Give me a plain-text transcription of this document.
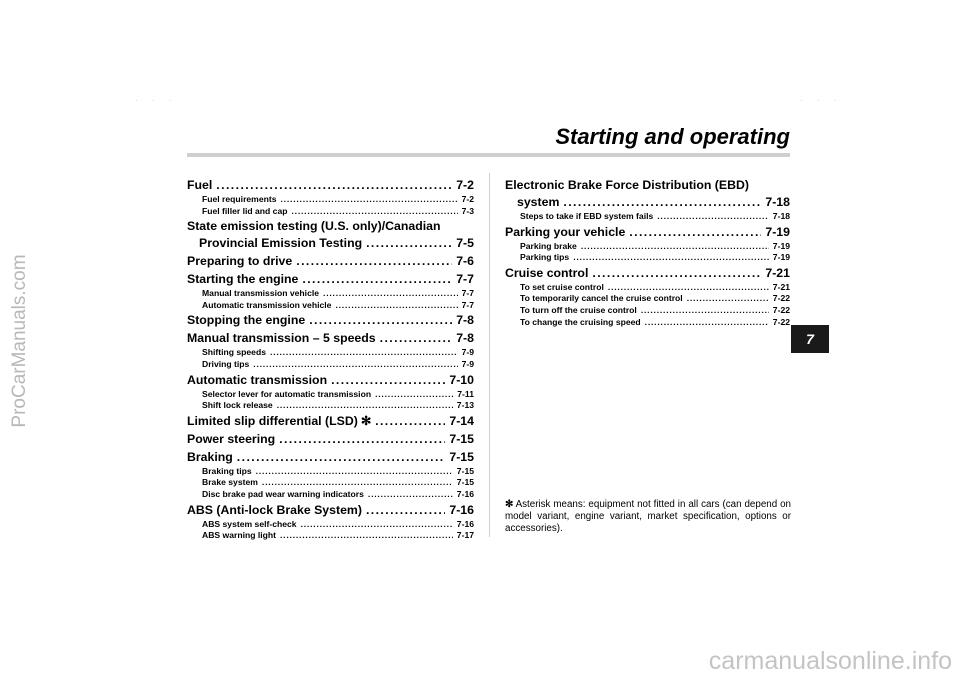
ProCarManuals.com
carmanualsonline.info
· · ·	· · ·
Starting and operating
7
Fuel . . .	7-2
Fuel requirements . . .	7-2
Fuel filler lid and cap . . .	7-3
State emission testing (U.S. only)/Canadian
Provincial Emission Testing . . .	7-5
Preparing to drive . . .	7-6
Starting the engine . . .	7-7
Manual transmission vehicle . . .	7-7
Automatic transmission vehicle . . .	7-7
Stopping the engine . . .	7-8
Manual transmission – 5 speeds . . .	7-8
Shifting speeds . . .	7-9
Driving tips . . .	7-9
Automatic transmission . . .	7-10
Selector lever for automatic transmission . . .	7-11
Shift lock release . . .	7-13
Limited slip differential (LSD) ✻ . . .	7-14
Power steering . . .	7-15
Braking . . .	7-15
Braking tips . . .	7-15
Brake system . . .	7-15
Disc brake pad wear warning indicators . . .	7-16
ABS (Anti-lock Brake System) . . .	7-16
ABS system self-check . . .	7-16
ABS warning light . . .	7-17
Electronic Brake Force Distribution (EBD)
system . . .	7-18
Steps to take if EBD system fails . . .	7-18
Parking your vehicle . . .	7-19
Parking brake . . .	7-19
Parking tips . . .	7-19
Cruise control . . .	7-21
To set cruise control . . .	7-21
To temporarily cancel the cruise control . . .	7-22
To turn off the cruise control . . .	7-22
To change the cruising speed . . .	7-22
✻ Asterisk means: equipment not fitted in all cars (can depend on model variant, engine variant, market specification, options or accessories).
